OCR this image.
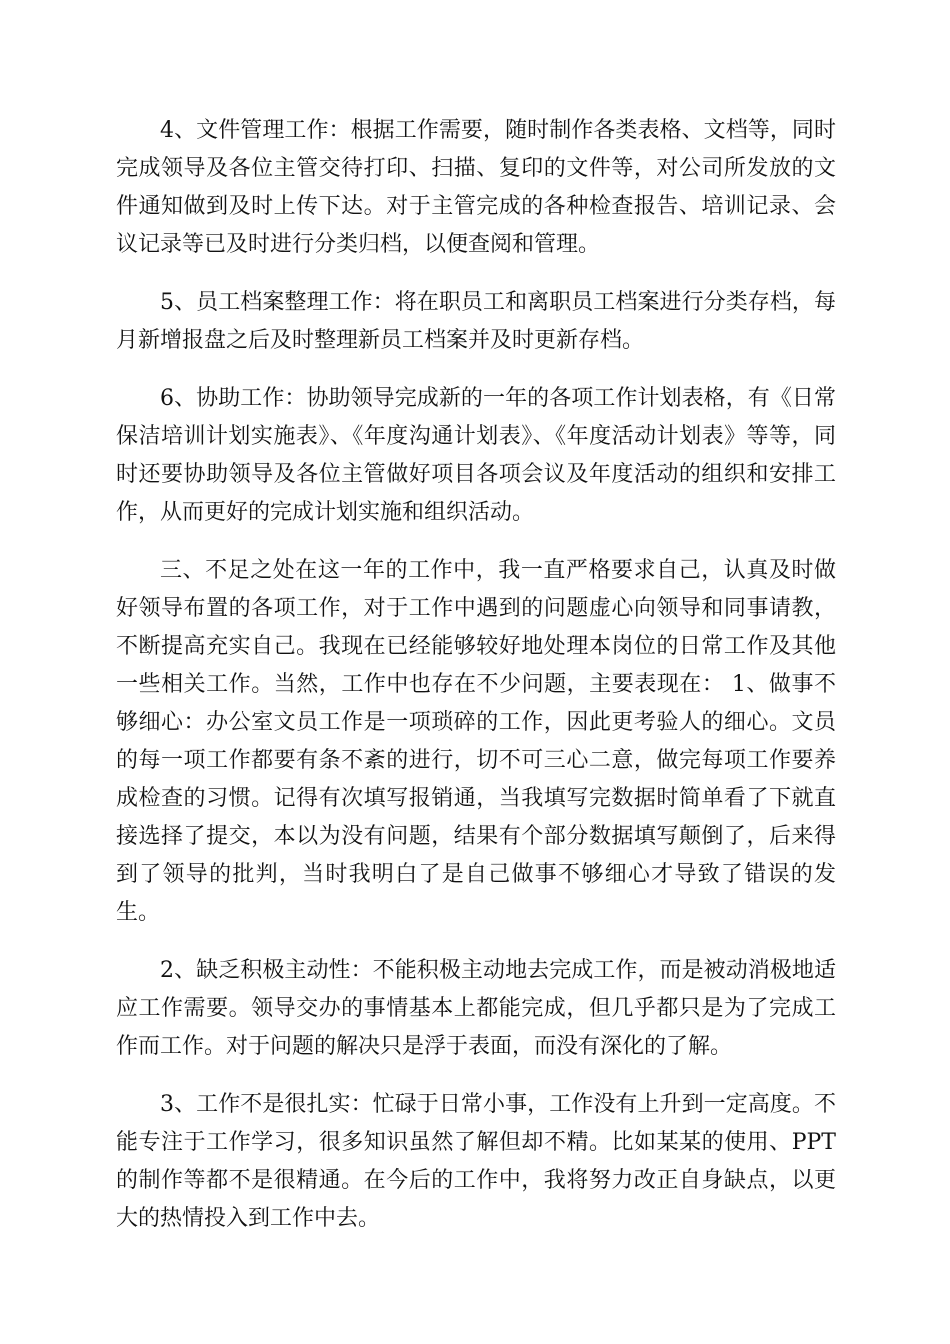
4、文件管理工作：根据工作需要，随时制作各类表格、文档等，同时完成领导及各位主管交待打印、扫描、复印的文件等，对公司所发放的文件通知做到及时上传下达。对于主管完成的各种检查报告、培训记录、会议记录等已及时进行分类归档，以便查阅和管理。

5、员工档案整理工作：将在职员工和离职员工档案进行分类存档，每月新增报盘之后及时整理新员工档案并及时更新存档。

6、协助工作：协助领导完成新的一年的各项工作计划表格，有《日常保洁培训计划实施表》、《年度沟通计划表》、《年度活动计划表》等等，同时还要协助领导及各位主管做好项目各项会议及年度活动的组织和安排工作，从而更好的完成计划实施和组织活动。

三、不足之处在这一年的工作中，我一直严格要求自己，认真及时做好领导布置的各项工作，对于工作中遇到的问题虚心向领导和同事请教，不断提高充实自己。我现在已经能够较好地处理本岗位的日常工作及其他一些相关工作。当然，工作中也存在不少问题，主要表现在： 1、做事不够细心：办公室文员工作是一项琐碎的工作，因此更考验人的细心。文员的每一项工作都要有条不紊的进行，切不可三心二意，做完每项工作要养成检查的习惯。记得有次填写报销通，当我填写完数据时简单看了下就直接选择了提交，本以为没有问题，结果有个部分数据填写颠倒了，后来得到了领导的批判，当时我明白了是自己做事不够细心才导致了错误的发生。

2、缺乏积极主动性：不能积极主动地去完成工作，而是被动消极地适应工作需要。领导交办的事情基本上都能完成，但几乎都只是为了完成工作而工作。对于问题的解决只是浮于表面，而没有深化的了解。

3、工作不是很扎实：忙碌于日常小事，工作没有上升到一定高度。不能专注于工作学习，很多知识虽然了解但却不精。比如某某的使用、PPT的制作等都不是很精通。在今后的工作中，我将努力改正自身缺点，以更大的热情投入到工作中去。
